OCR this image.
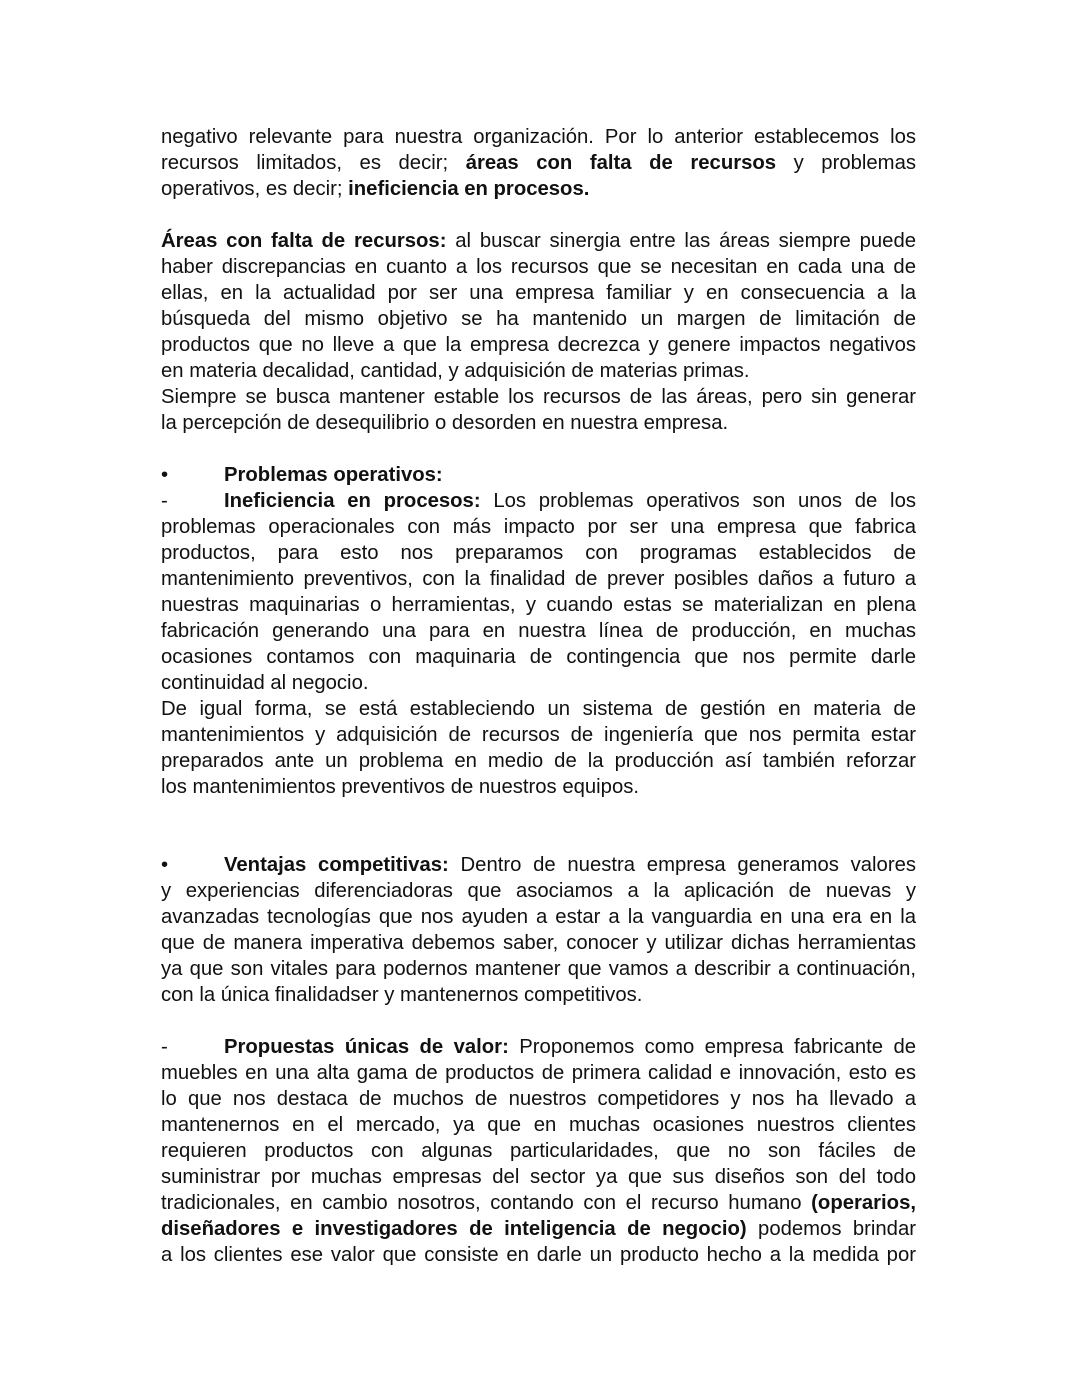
negativo relevante para nuestra organización. Por lo anterior establecemos los
recursos limitados, es decir; áreas con falta de recursos y problemas
operativos, es decir; ineficiencia en procesos.
Áreas con falta de recursos: al buscar sinergia entre las áreas siempre puede
haber discrepancias en cuanto a los recursos que se necesitan en cada una de
ellas, en la actualidad por ser una empresa familiar y en consecuencia a la
búsqueda del mismo objetivo se ha mantenido un margen de limitación de
productos que no lleve a que la empresa decrezca y genere impactos negativos
en materia decalidad, cantidad, y adquisición de materias primas.
Siempre se busca mantener estable los recursos de las áreas, pero sin generar
la percepción de desequilibrio o desorden en nuestra empresa.
•	Problemas operativos:
-	Ineficiencia en procesos: Los problemas operativos son unos de los
problemas operacionales con más impacto por ser una empresa que fabrica
productos, para esto nos preparamos con programas establecidos de
mantenimiento preventivos, con la finalidad de prever posibles daños a futuro a
nuestras maquinarias o herramientas, y cuando estas se materializan en plena
fabricación generando una para en nuestra línea de producción, en muchas
ocasiones contamos con maquinaria de contingencia que nos permite darle
continuidad al negocio.
De igual forma, se está estableciendo un sistema de gestión en materia de
mantenimientos y adquisición de recursos de ingeniería que nos permita estar
preparados ante un problema en medio de la producción así también reforzar
los mantenimientos preventivos de nuestros equipos.
•	Ventajas competitivas: Dentro de nuestra empresa generamos valores
y experiencias diferenciadoras que asociamos a la aplicación de nuevas y
avanzadas tecnologías que nos ayuden a estar a la vanguardia en una era en la
que de manera imperativa debemos saber, conocer y utilizar dichas herramientas
ya que son vitales para podernos mantener que vamos a describir a continuación,
con la única finalidadser y mantenernos competitivos.
-	Propuestas únicas de valor: Proponemos como empresa fabricante de
muebles en una alta gama de productos de primera calidad e innovación, esto es
lo que nos destaca de muchos de nuestros competidores y nos ha llevado a
mantenernos en el mercado, ya que en muchas ocasiones nuestros clientes
requieren productos con algunas particularidades, que no son fáciles de
suministrar por muchas empresas del sector ya que sus diseños son del todo
tradicionales, en cambio nosotros, contando con el recurso humano (operarios,
diseñadores e investigadores de inteligencia de negocio) podemos brindar
a los clientes ese valor que consiste en darle un producto hecho a la medida por
